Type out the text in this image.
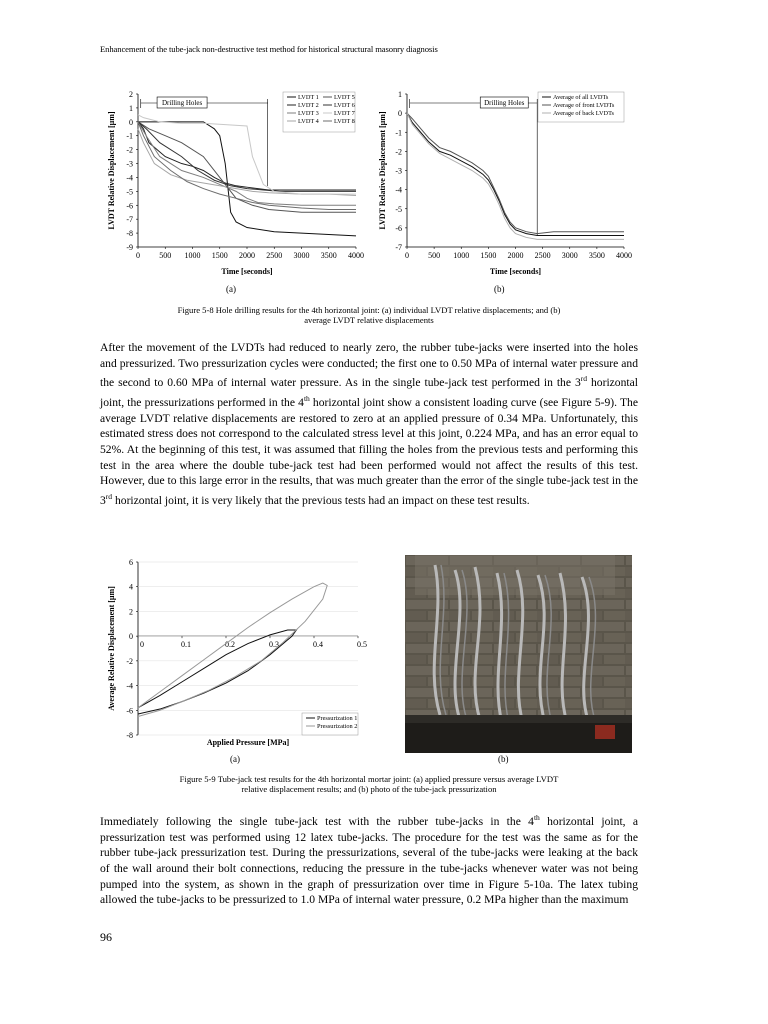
Enhancement of the tube-jack non-destructive test method for historical structural masonry diagnosis
2
1
0
-1
-2
-3
-4
-5
-6
-7
-8
-9
0 500 1000 1500 2000 2500 3000 3500 4000
Time [seconds]
LVDT Relative Displacement [μm]
Drilling Holes
LVDT 1
LVDT 2
LVDT 3
LVDT 4
LVDT 5
LVDT 6
LVDT 7
LVDT 8
(a)
1
0
-1
-2
-3
-4
-5
-6
-7
0 500 1000 1500 2000 2500 3000 3500 4000
Time [seconds]
LVDT Relative Displacement [μm]
Drilling Holes
Average of all LVDTs
Average of front LVDTs
Average of back LVDTs
(b)
Figure 5-8 Hole drilling results for the 4th horizontal joint: (a) individual LVDT relative displacements; and (b)
average LVDT relative displacements
After the movement of the LVDTs had reduced to nearly zero, the rubber tube-jacks were inserted into the holes and pressurized. Two pressurization cycles were conducted; the first one to 0.50 MPa of internal water pressure and the second to 0.60 MPa of internal water pressure. As in the single tube-jack test performed in the 3rd horizontal joint, the pressurizations performed in the 4th horizontal joint show a consistent loading curve (see Figure 5-9). The average LVDT relative displacements are restored to zero at an applied pressure of 0.34 MPa. Unfortunately, this estimated stress does not correspond to the calculated stress level at this joint, 0.224 MPa, and has an error equal to 52%. At the beginning of this test, it was assumed that filling the holes from the previous tests and performing this test in the area where the double tube-jack test had been performed would not affect the results of this test. However, due to this large error in the results, that was much greater than the error of the single tube-jack test in the 3rd horizontal joint, it is very likely that the previous tests had an impact on these test results.
6
4
2
0
-2
-4
-6
-8
0	0.1	0.2	0.3	0.4	0.5
Applied Pressure [MPa]
Average Relative Displacement [μm]
Pressurization 1
Pressurization 2
(a)	(b)
Figure 5-9 Tube-jack test results for the 4th horizontal mortar joint: (a) applied pressure versus average LVDT
relative displacement results; and (b) photo of the tube-jack pressurization
Immediately following the single tube-jack test with the rubber tube-jacks in the 4th horizontal joint, a pressurization test was performed using 12 latex tube-jacks. The procedure for the test was the same as for the rubber tube-jack pressurization test. During the pressurizations, several of the tube-jacks were leaking at the back of the wall around their bolt connections, reducing the pressure in the tube-jacks whenever water was not being pumped into the system, as shown in the graph of pressurization over time in Figure 5-10a. The latex tubing allowed the tube-jacks to be pressurized to 1.0 MPa of internal water pressure, 0.2 MPa higher than the maximum
96
